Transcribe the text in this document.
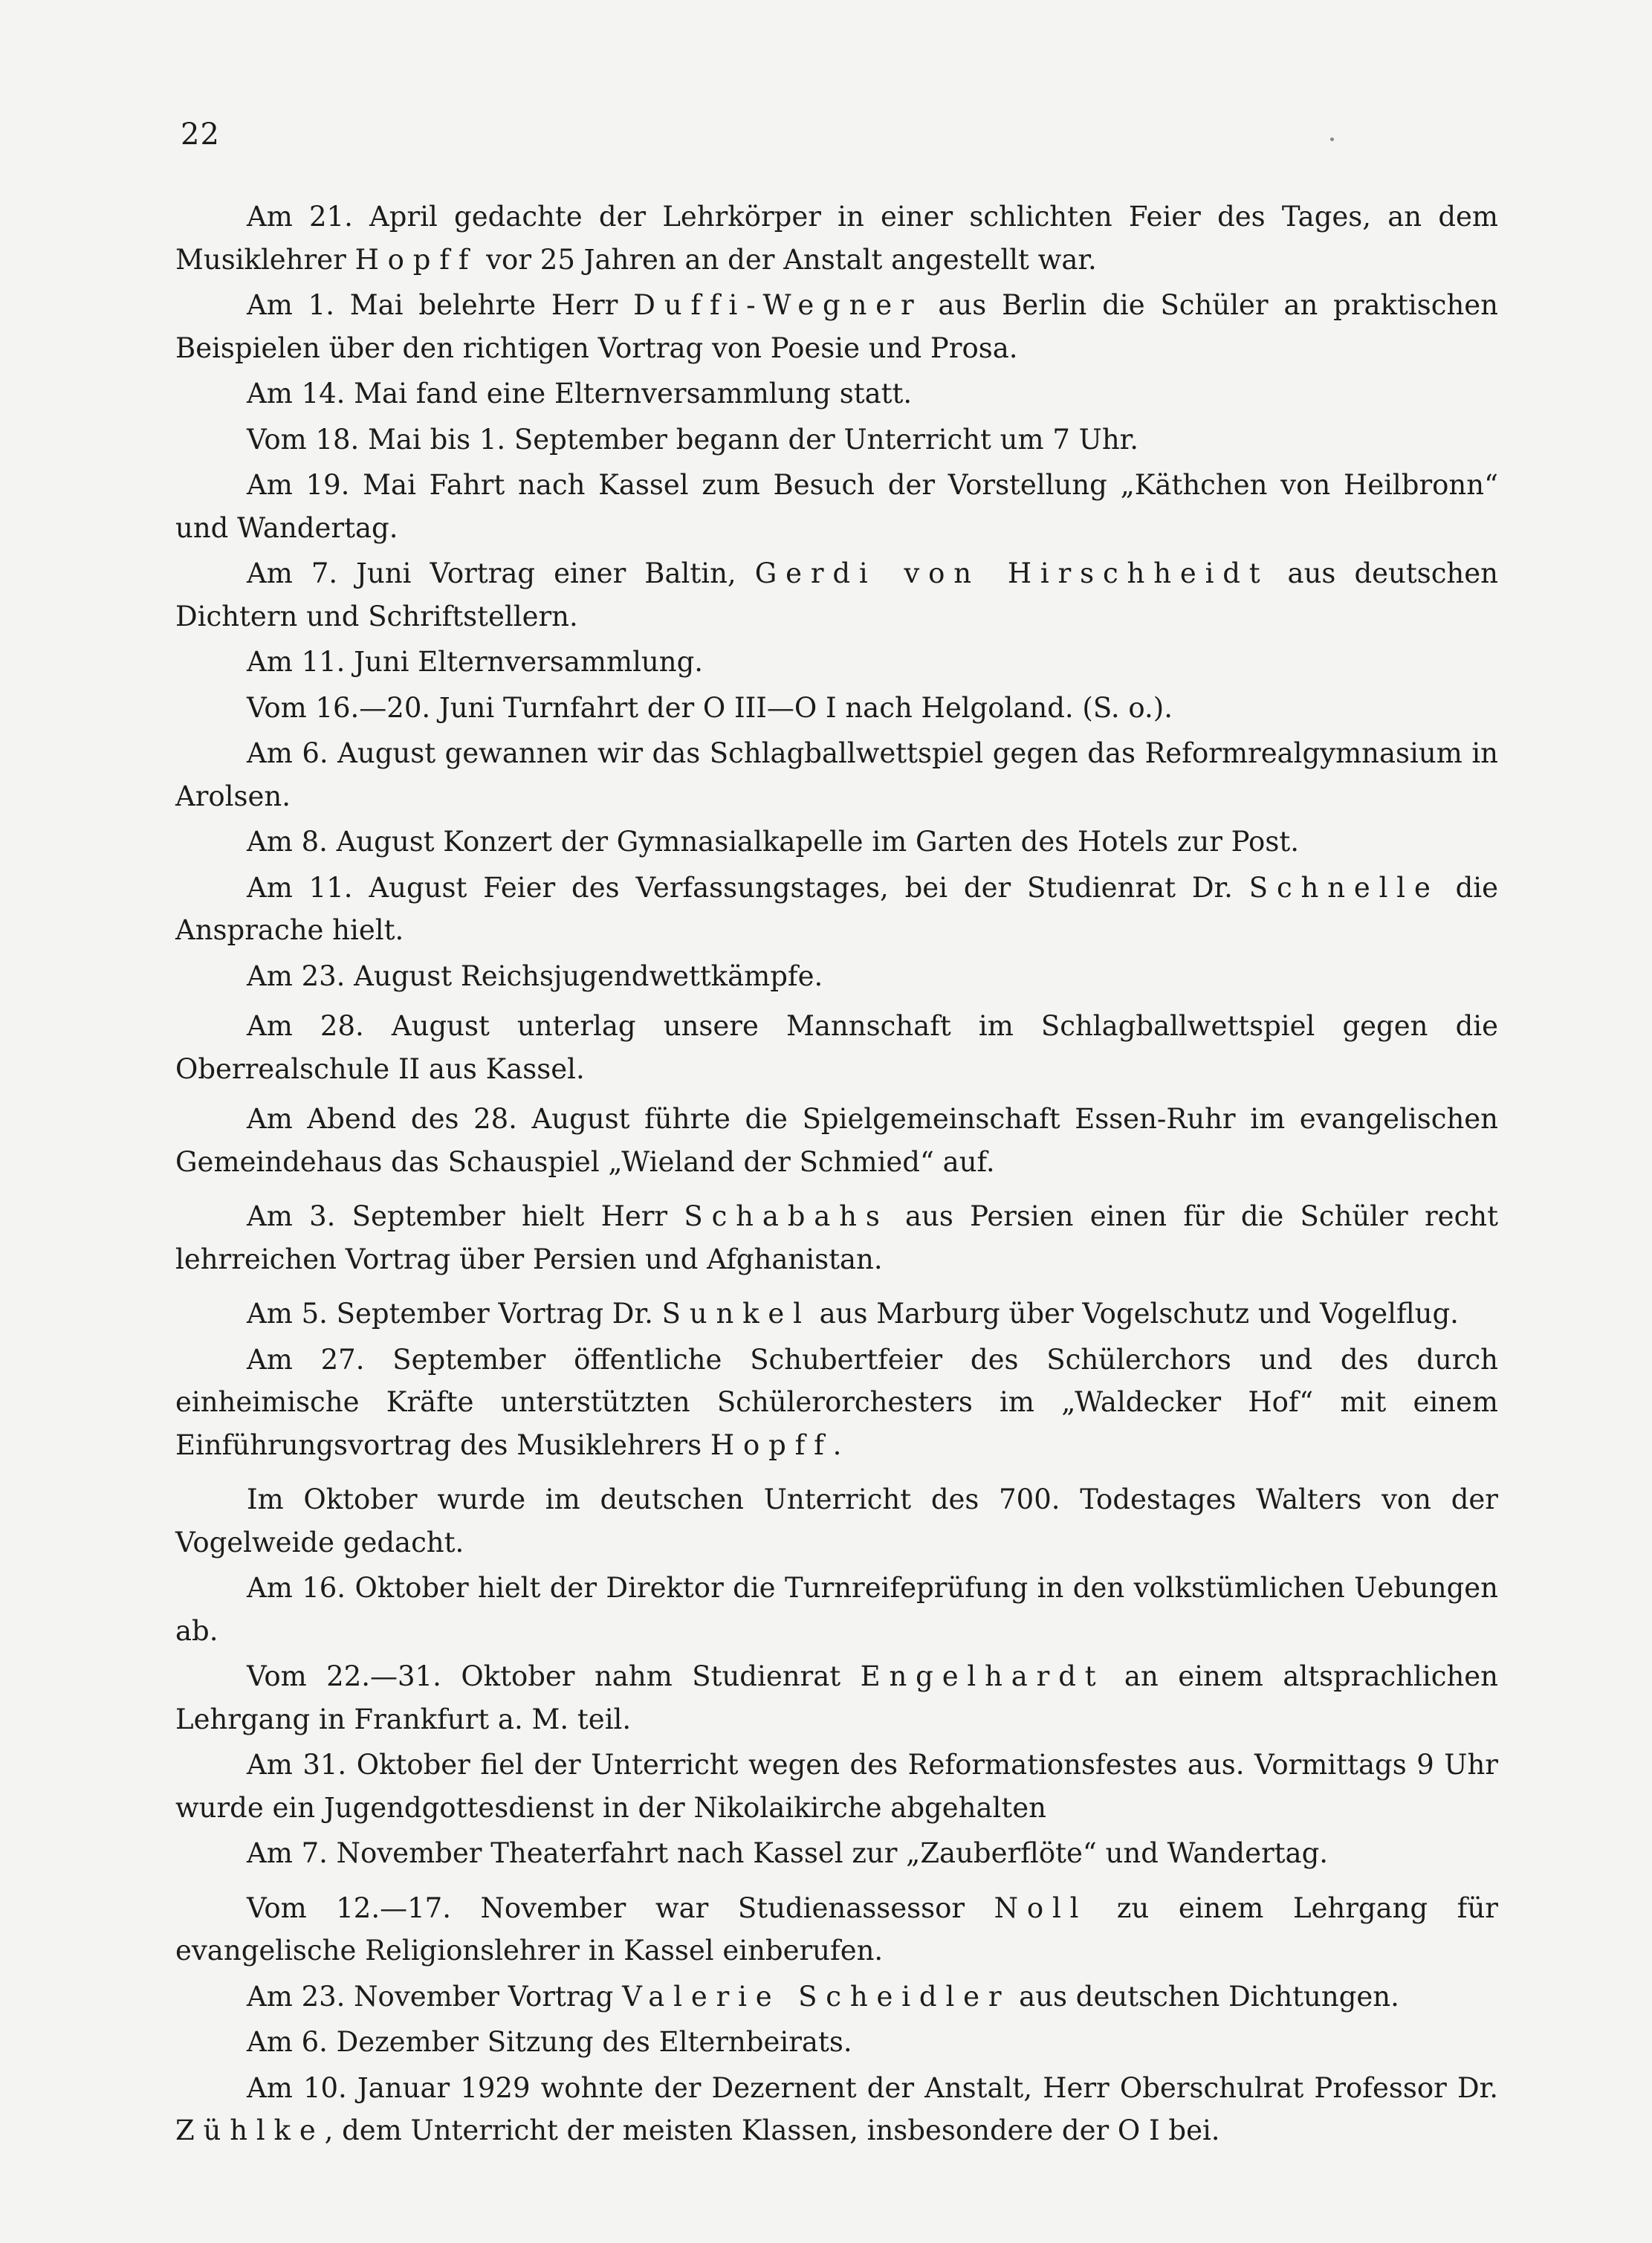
22

Am 21. April gedachte der Lehrkörper in einer schlichten Feier des Tages, an dem Musiklehrer Hopff vor 25 Jahren an der Anstalt angestellt war.

Am 1. Mai belehrte Herr Duffi-Wegner aus Berlin die Schüler an praktischen Beispielen über den richtigen Vortrag von Poesie und Prosa.

Am 14. Mai fand eine Elternversammlung statt.

Vom 18. Mai bis 1. September begann der Unterricht um 7 Uhr.

Am 19. Mai Fahrt nach Kassel zum Besuch der Vorstellung „Käthchen von Heilbronn“ und Wandertag.

Am 7. Juni Vortrag einer Baltin, Gerdi von Hirschheidt aus deutschen Dichtern und Schriftstellern.

Am 11. Juni Elternversammlung.

Vom 16.—20. Juni Turnfahrt der O III—O I nach Helgoland. (S. o.).

Am 6. August gewannen wir das Schlagballwettspiel gegen das Reformrealgymnasium in Arolsen.

Am 8. August Konzert der Gymnasialkapelle im Garten des Hotels zur Post.

Am 11. August Feier des Verfassungstages, bei der Studienrat Dr. Schnelle die Ansprache hielt.

Am 23. August Reichsjugendwettkämpfe.

Am 28. August unterlag unsere Mannschaft im Schlagballwettspiel gegen die Oberrealschule II aus Kassel.

Am Abend des 28. August führte die Spielgemeinschaft Essen-Ruhr im evangelischen Gemeindehaus das Schauspiel „Wieland der Schmied“ auf.

Am 3. September hielt Herr Schabahs aus Persien einen für die Schüler recht lehrreichen Vortrag über Persien und Afghanistan.

Am 5. September Vortrag Dr. Sunkel aus Marburg über Vogelschutz und Vogelflug.

Am 27. September öffentliche Schubertfeier des Schülerchors und des durch einheimische Kräfte unterstützten Schülerorchesters im „Waldecker Hof“ mit einem Einführungsvortrag des Musiklehrers Hopff.

Im Oktober wurde im deutschen Unterricht des 700. Todestages Walters von der Vogelweide gedacht.

Am 16. Oktober hielt der Direktor die Turnreifeprüfung in den volkstümlichen Uebungen ab.

Vom 22.—31. Oktober nahm Studienrat Engelhardt an einem altsprachlichen Lehrgang in Frankfurt a. M. teil.

Am 31. Oktober fiel der Unterricht wegen des Reformationsfestes aus. Vormittags 9 Uhr wurde ein Jugendgottesdienst in der Nikolaikirche abgehalten

Am 7. November Theaterfahrt nach Kassel zur „Zauberflöte“ und Wandertag.

Vom 12.—17. November war Studienassessor Noll zu einem Lehrgang für evangelische Religionslehrer in Kassel einberufen.

Am 23. November Vortrag Valerie Scheidler aus deutschen Dichtungen.

Am 6. Dezember Sitzung des Elternbeirats.

Am 10. Januar 1929 wohnte der Dezernent der Anstalt, Herr Oberschulrat Professor Dr. Zühlke, dem Unterricht der meisten Klassen, insbesondere der O I bei.
